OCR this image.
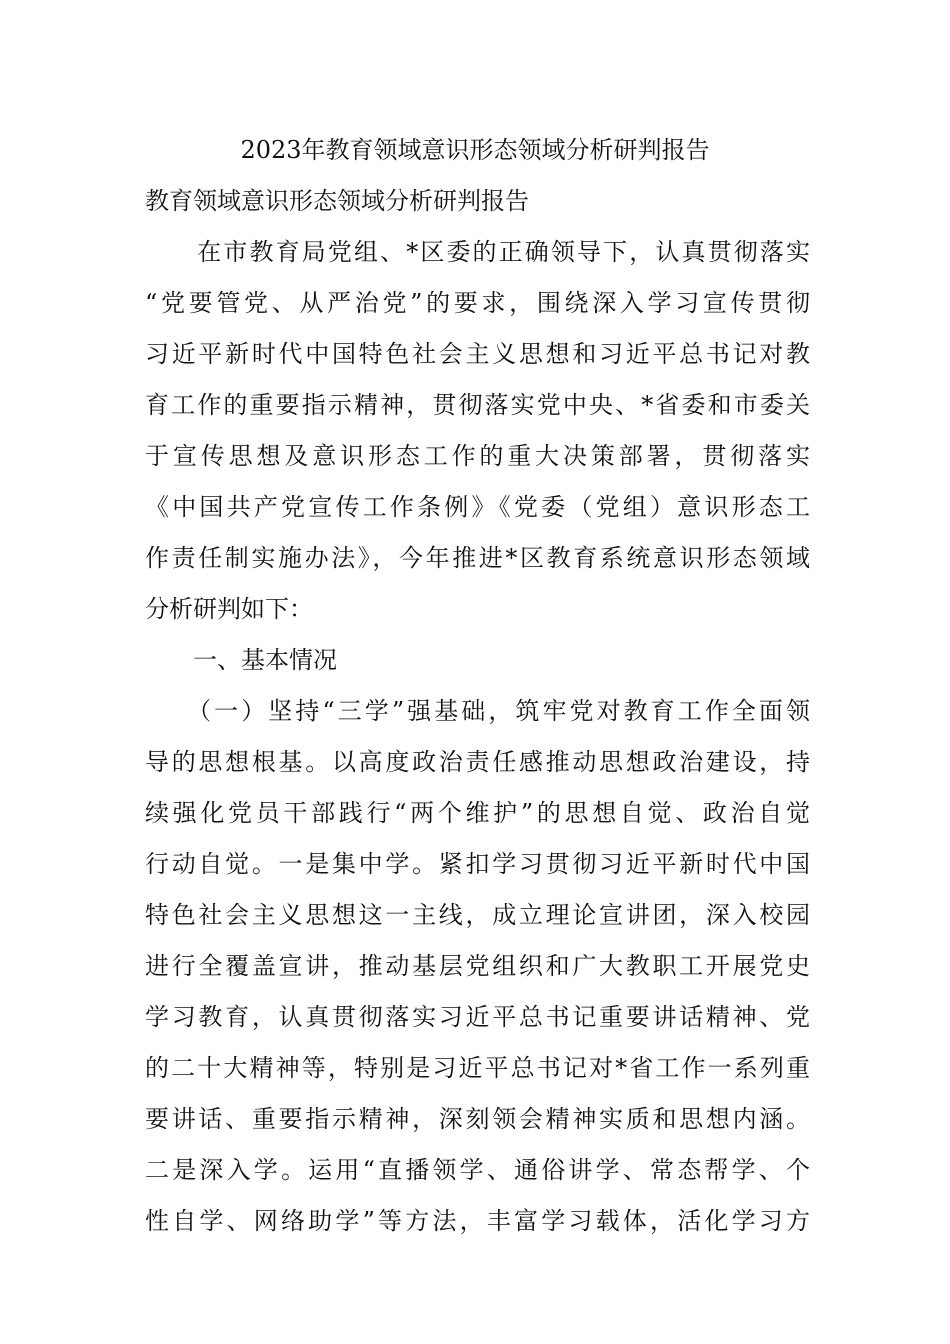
2023年教育领域意识形态领域分析研判报告
教育领域意识形态领域分析研判报告
　　在市教育局党组、*区委的正确领导下，认真贯彻落实
“党要管党、从严治党”的要求，围绕深入学习宣传贯彻
习近平新时代中国特色社会主义思想和习近平总书记对教
育工作的重要指示精神，贯彻落实党中央、*省委和市委关
于宣传思想及意识形态工作的重大决策部署，贯彻落实
《中国共产党宣传工作条例》《党委（党组）意识形态工
作责任制实施办法》，今年推进*区教育系统意识形态领域
分析研判如下：
　　一、基本情况
　　（一）坚持“三学”强基础，筑牢党对教育工作全面领
导的思想根基。以高度政治责任感推动思想政治建设，持
续强化党员干部践行“两个维护”的思想自觉、政治自觉
行动自觉。一是集中学。紧扣学习贯彻习近平新时代中国
特色社会主义思想这一主线，成立理论宣讲团，深入校园
进行全覆盖宣讲，推动基层党组织和广大教职工开展党史
学习教育，认真贯彻落实习近平总书记重要讲话精神、党
的二十大精神等，特别是习近平总书记对*省工作一系列重
要讲话、重要指示精神，深刻领会精神实质和思想内涵。
二是深入学。运用“直播领学、通俗讲学、常态帮学、个
性自学、网络助学”等方法，丰富学习载体，活化学习方
